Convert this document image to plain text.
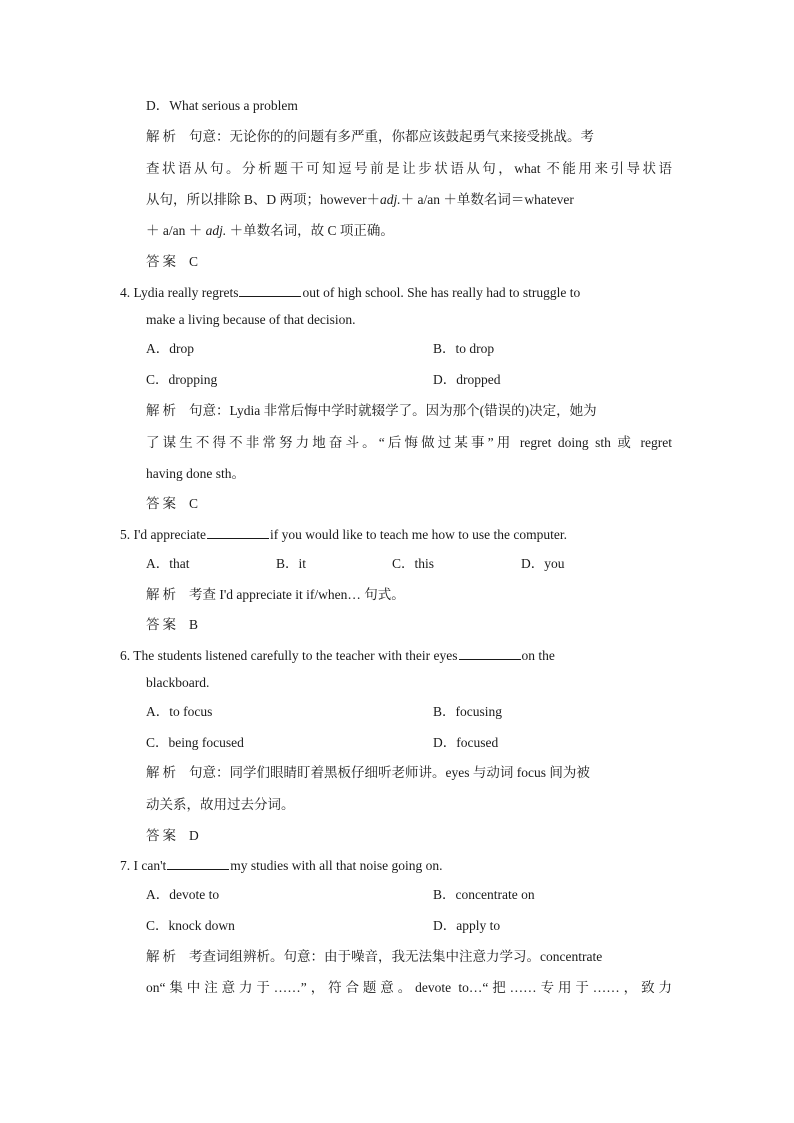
D．What serious a problem
解析 句意：无论你的的问题有多严重，你都应该鼓起勇气来接受挑战。考
查状语从句。分析题干可知逗号前是让步状语从句，what 不能用来引导状语
从句，所以排除 B、D 两项；however＋adj.＋ a/an ＋单数名词＝whatever
＋ a/an ＋ adj. ＋单数名词，故 C 项正确。
答案 C
4. Lydia really regrets	out of high school. She has really had to struggle to
make a living because of that decision.
A．drop	B．to drop
C．dropping	D．dropped
解析 句意：Lydia 非常后悔中学时就辍学了。因为那个(错误的)决定，她为
了谋生不得不非常努力地奋斗。“后悔做过某事”用 regret doing sth 或 regret
having done sth。
答案 C
5. I'd appreciate	if you would like to teach me how to use the computer.
A．that	B．it	C．this	D．you
解析 考查 I'd appreciate it if/when… 句式。
答案 B
6. The students listened carefully to the teacher with their eyes	on the
blackboard.
A．to focus	B．focusing
C．being focused	D．focused
解析 句意：同学们眼睛盯着黑板仔细听老师讲。eyes 与动词 focus 间为被
动关系，故用过去分词。
答案 D
7. I can't	my studies with all that noise going on.
A．devote to	B．concentrate on
C．knock down	D．apply to
解析 考查词组辨析。句意：由于噪音，我无法集中注意力学习。concentrate
on“集中注意力于……”，符合题意。devote to…“把……专用于……，致力
